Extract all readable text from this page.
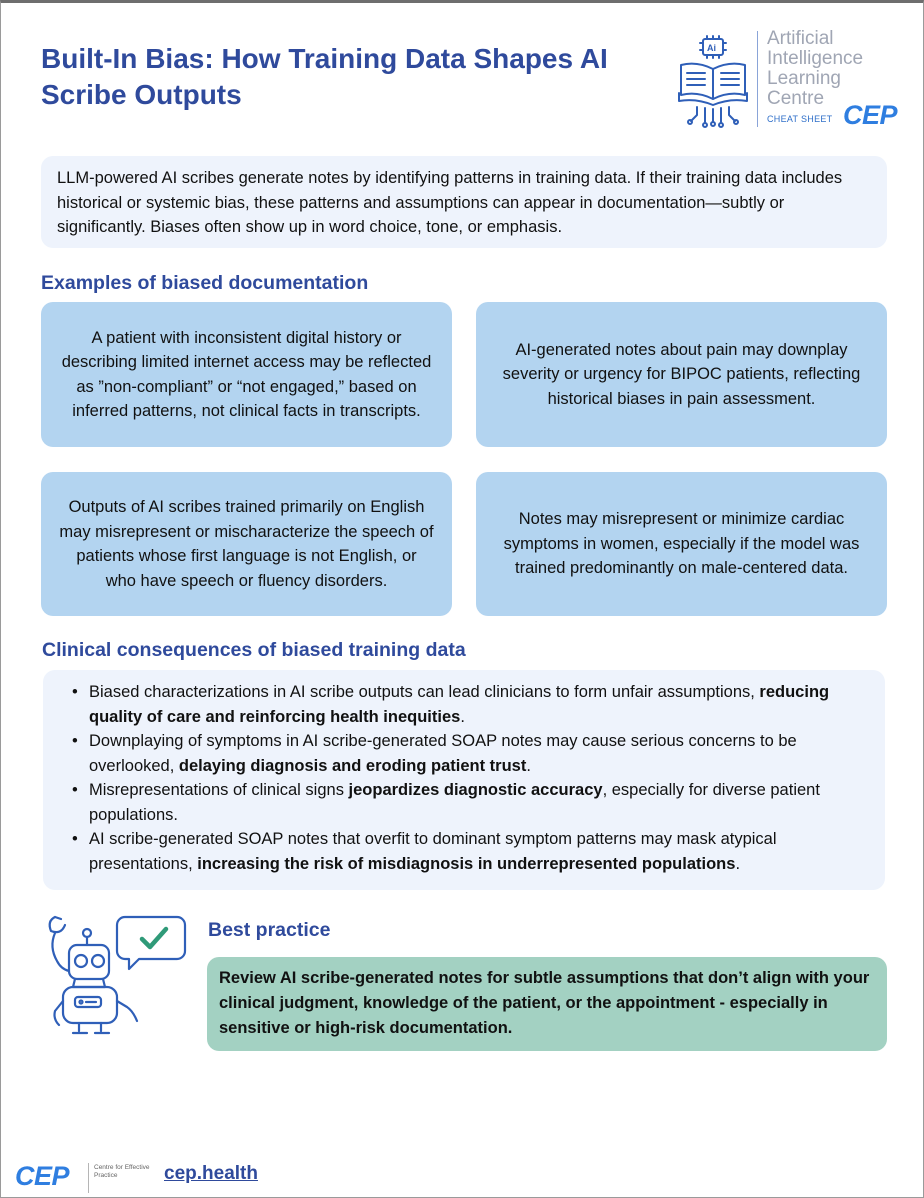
Built-In Bias: How Training Data Shapes AI Scribe Outputs
Ai	Artificial
Intelligence
Learning
Centre
CHEAT SHEET CEP

LLM-powered AI scribes generate notes by identifying patterns in training data. If their training data includes historical or systemic bias, these patterns and assumptions can appear in documentation—subtly or significantly. Biases often show up in word choice, tone, or emphasis.

Examples of biased documentation
A patient with inconsistent digital history or describing limited internet access may be reflected as ”non-compliant” or “not engaged,” based on inferred patterns, not clinical facts in transcripts.
AI-generated notes about pain may downplay severity or urgency for BIPOC patients, reflecting historical biases in pain assessment.
Outputs of AI scribes trained primarily on English may misrepresent or mischaracterize the speech of patients whose first language is not English, or who have speech or fluency disorders.
Notes may misrepresent or minimize cardiac symptoms in women, especially if the model was trained predominantly on male-centered data.
Clinical consequences of biased training data
• Biased characterizations in AI scribe outputs can lead clinicians to form unfair assumptions, reducing quality of care and reinforcing health inequities.
• Downplaying of symptoms in AI scribe-generated SOAP notes may cause serious concerns to be overlooked, delaying diagnosis and eroding patient trust.
• Misrepresentations of clinical signs jeopardizes diagnostic accuracy, especially for diverse patient populations.
• AI scribe-generated SOAP notes that overfit to dominant symptom patterns may mask atypical presentations, increasing the risk of misdiagnosis in underrepresented populations.
Best practice
Review AI scribe-generated notes for subtle assumptions that don’t align with your clinical judgment, knowledge of the patient, or the appointment - especially in sensitive or high-risk documentation.
CEP	Centre for Effective Practice	cep.health
